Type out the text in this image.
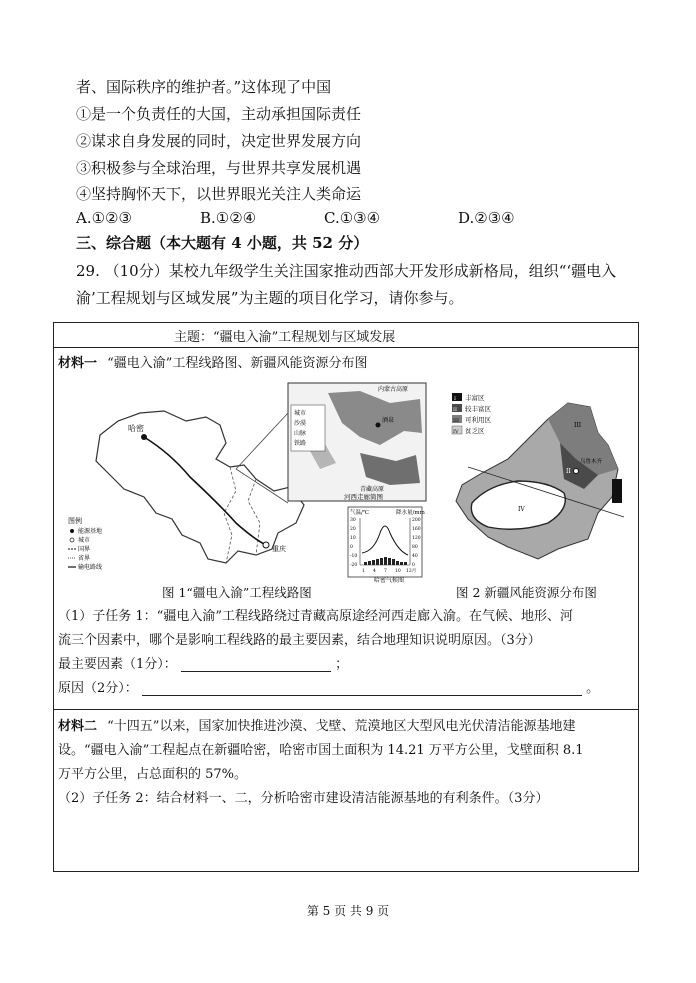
者、国际秩序的维护者。”这体现了中国
①是一个负责任的大国，主动承担国际责任
②谋求自身发展的同时，决定世界发展方向
③积极参与全球治理，与世界共享发展机遇
④坚持胸怀天下，以世界眼光关注人类命运
A.①②③	B.①②④	C.①③④	D.②③④
三、综合题（本大题有 4 小题，共 52 分）
29. （10分）某校九年级学生关注国家推动西部大开发形成新格局，组织“‘疆电入渝’工程规划与区域发展”为主题的项目化学习，请你参与。
主题：“疆电入渝”工程规划与区域发展
材料一 “疆电入渝”工程线路图、新疆风能资源分布图
哈密
重庆
内蒙古高原
青藏高原
酒泉
城市
沙漠
山脉
铁路
河西走廊简图
气温/℃	降水量/mm
30
20
10
0
-10
-20
200
160
120
80
40
0
1 4 7 10 12月
哈密气候图
图例
能源基地
城市
国界
省界
输电路线
图 1“疆电入渝”工程线路图
IV
II
III
乌鲁木齐
I 丰富区
II 较丰富区
III 可利用区
IV 贫乏区
图 2 新疆风能资源分布图
（1）子任务 1：“疆电入渝”工程线路绕过青藏高原途经河西走廊入渝。在气候、地形、河
流三个因素中，哪个是影响工程线路的最主要因素，结合地理知识说明原因。（3分）
最主要因素（1分）：	；
原因（2分）：	。
材料二 “十四五”以来，国家加快推进沙漠、戈壁、荒漠地区大型风电光伏清洁能源基地建
设。“疆电入渝”工程起点在新疆哈密，哈密市国土面积为 14.21 万平方公里，戈壁面积 8.1
万平方公里，占总面积的 57%。
（2）子任务 2：结合材料一、二，分析哈密市建设清洁能源基地的有利条件。（3分）
第 5 页 共 9 页
